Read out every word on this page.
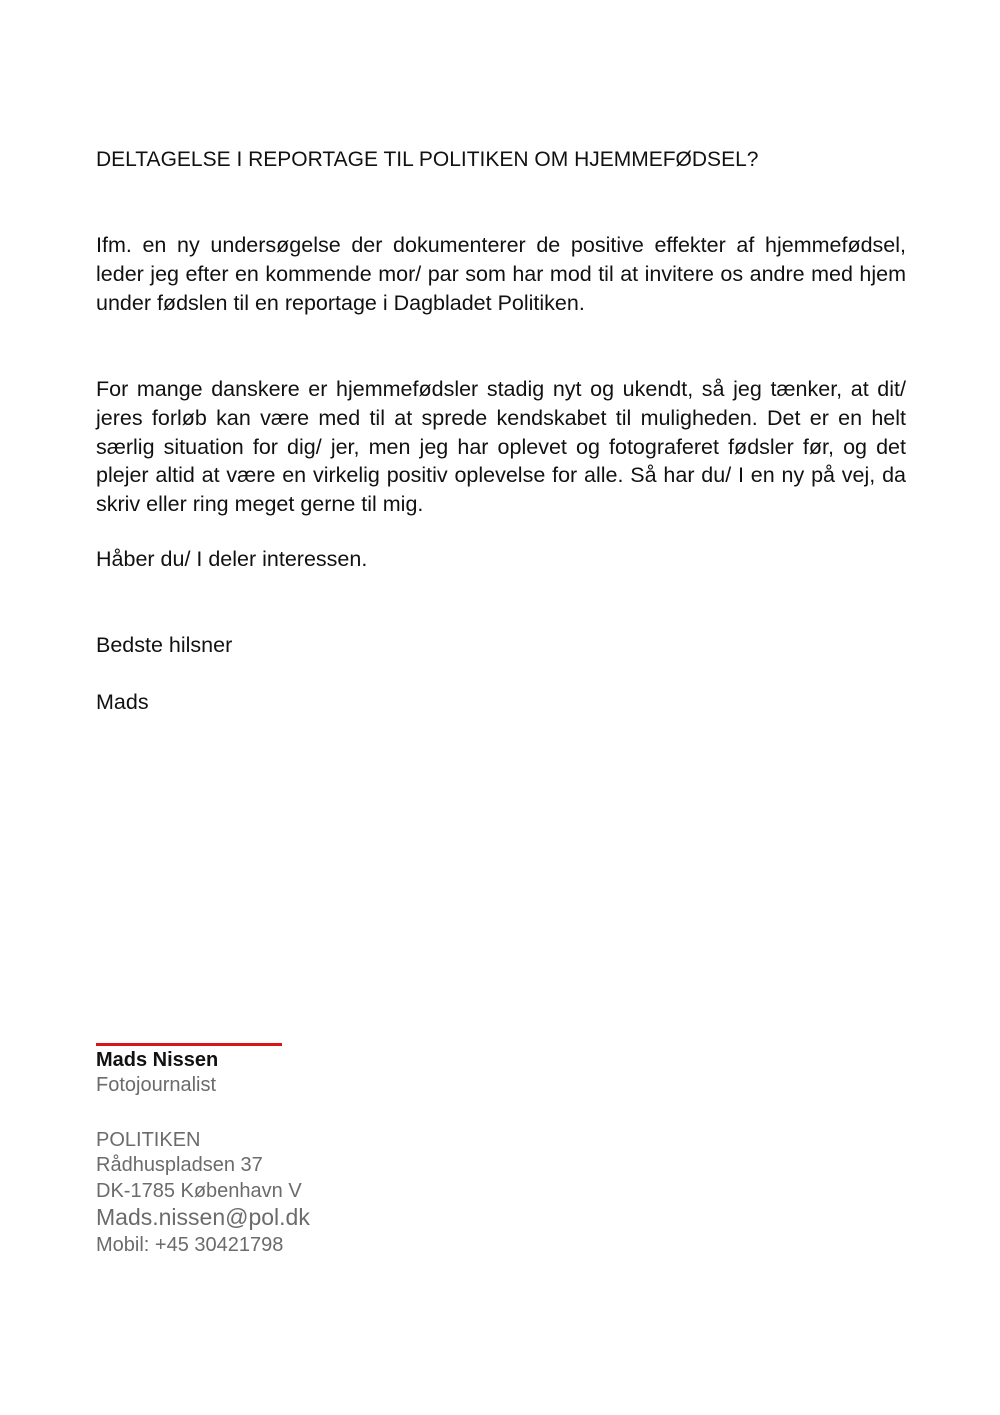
DELTAGELSE I REPORTAGE TIL POLITIKEN OM HJEMMEFØDSEL?

Ifm. en ny undersøgelse der dokumenterer de positive effekter af hjemmefødsel, leder jeg efter en kommende mor/ par som har mod til at invitere os andre med hjem under fødslen til en reportage i Dagbladet Politiken.

For mange danskere er hjemmefødsler stadig nyt og ukendt, så jeg tænker, at dit/ jeres forløb kan være med til at sprede kendskabet til muligheden. Det er en helt særlig situation for dig/ jer, men jeg har oplevet og fotograferet fødsler før, og det plejer altid at være en virkelig positiv oplevelse for alle. Så har du/ I en ny på vej, da skriv eller ring meget gerne til mig.

Håber du/ I deler interessen.

Bedste hilsner

Mads

Mads Nissen
Fotojournalist
POLITIKEN
Rådhuspladsen 37
DK-1785 København V
Mads.nissen@pol.dk
Mobil: +45 30421798
